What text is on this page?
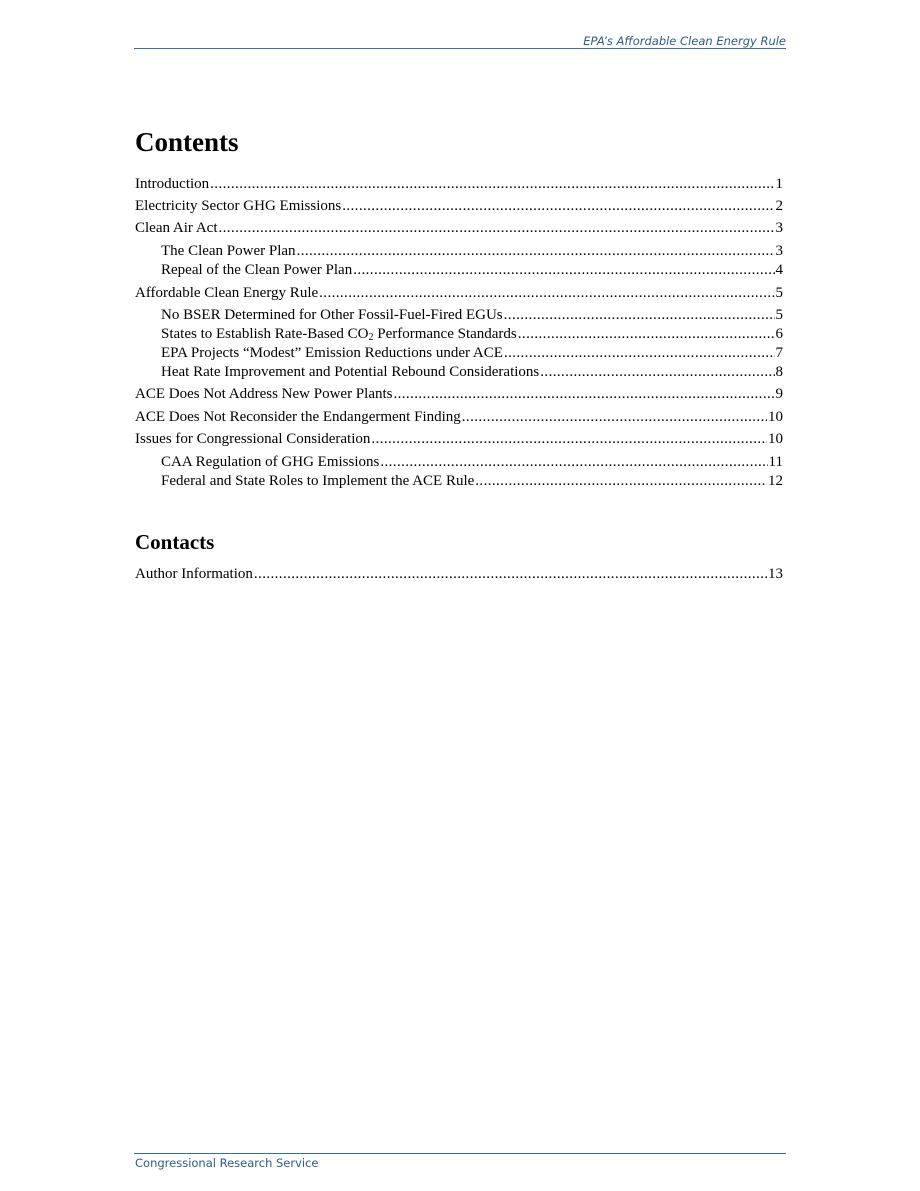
EPA’s Affordable Clean Energy Rule
Contents
Introduction .....	1
Electricity Sector GHG Emissions .....	2
Clean Air Act .....	3
The Clean Power Plan .....	3
Repeal of the Clean Power Plan .....	4
Affordable Clean Energy Rule .....	5
No BSER Determined for Other Fossil-Fuel-Fired EGUs .....	5
States to Establish Rate-Based $CO_2$ Performance Standards .....	6
EPA Projects “Modest” Emission Reductions under ACE .....	7
Heat Rate Improvement and Potential Rebound Considerations .....	8
ACE Does Not Address New Power Plants .....	9
ACE Does Not Reconsider the Endangerment Finding .....	10
Issues for Congressional Consideration .....	10
CAA Regulation of GHG Emissions .....	11
Federal and State Roles to Implement the ACE Rule .....	12
Contacts
Author Information .....	13
Congressional Research Service
